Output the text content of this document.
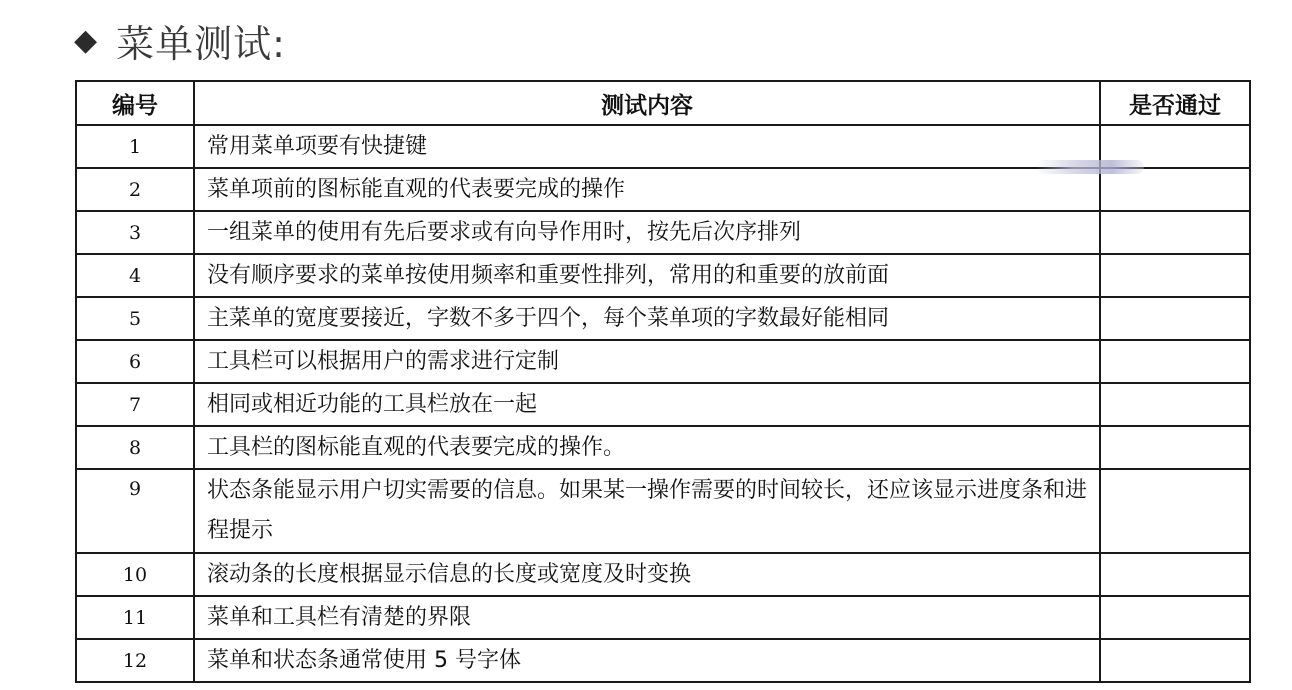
◆ 菜单测试:
编号	测试内容	是否通过
1	常用菜单项要有快捷键	
2	菜单项前的图标能直观的代表要完成的操作	
3	一组菜单的使用有先后要求或有向导作用时，按先后次序排列	
4	没有顺序要求的菜单按使用频率和重要性排列，常用的和重要的放前面	
5	主菜单的宽度要接近，字数不多于四个，每个菜单项的字数最好能相同	
6	工具栏可以根据用户的需求进行定制	
7	相同或相近功能的工具栏放在一起	
8	工具栏的图标能直观的代表要完成的操作。	
9	状态条能显示用户切实需要的信息。如果某一操作需要的时间较长，还应该显示进度条和进程提示	
10	滚动条的长度根据显示信息的长度或宽度及时变换	
11	菜单和工具栏有清楚的界限	
12	菜单和状态条通常使用 5 号字体	
